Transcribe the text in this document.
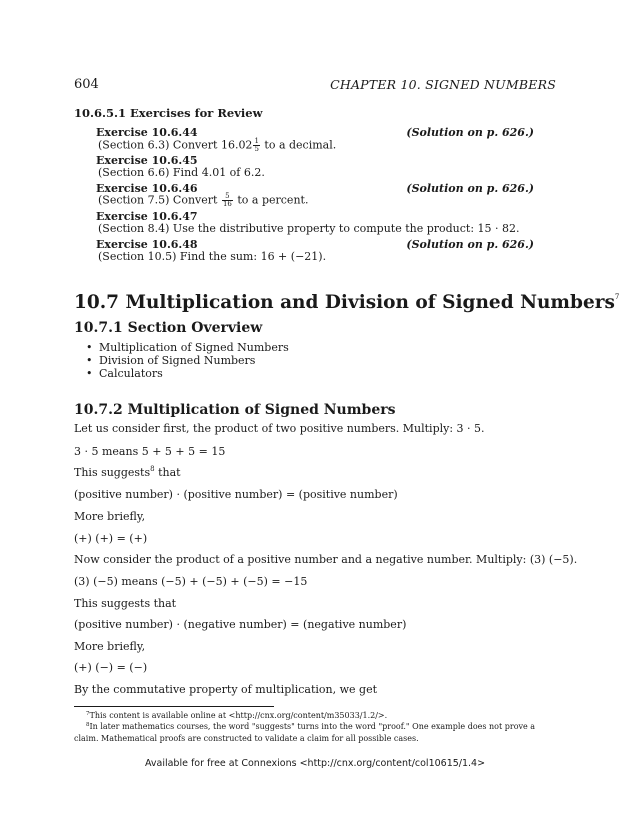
604	CHAPTER 10. SIGNED NUMBERS
10.6.5.1 Exercises for Review
Exercise 10.6.44	(Solution on p. 626.)
(Section 6.3) Convert $16.02 \frac{1}{5}$ to a decimal.
Exercise 10.6.45
(Section 6.6) Find 4.01 of 6.2.
Exercise 10.6.46	(Solution on p. 626.)
(Section 7.5) Convert $\frac{5}{16}$ to a percent.
Exercise 10.6.47
(Section 8.4) Use the distributive property to compute the product: 15 · 82.
Exercise 10.6.48	(Solution on p. 626.)
(Section 10.5) Find the sum: 16 + (−21).
10.7 Multiplication and Division of Signed Numbers$^7$
10.7.1 Section Overview
• Multiplication of Signed Numbers
• Division of Signed Numbers
• Calculators
10.7.2 Multiplication of Signed Numbers
Let us consider first, the product of two positive numbers. Multiply: 3 · 5.
3 · 5 means 5 + 5 + 5 = 15
This suggests$^8$ that
(positive number) · (positive number) = (positive number)
More briefly,
(+) (+) = (+)
Now consider the product of a positive number and a negative number. Multiply: (3) (−5).
(3) (−5) means (−5) + (−5) + (−5) = −15
This suggests that
(positive number) · (negative number) = (negative number)
More briefly,
(+) (−) = (−)
By the commutative property of multiplication, we get
$^7$This content is available online at <http://cnx.org/content/m35033/1.2/>.
$^8$In later mathematics courses, the word "suggests" turns into the word "proof." One example does not prove a claim. Mathematical proofs are constructed to validate a claim for all possible cases.
Available for free at Connexions <http://cnx.org/content/col10615/1.4>
